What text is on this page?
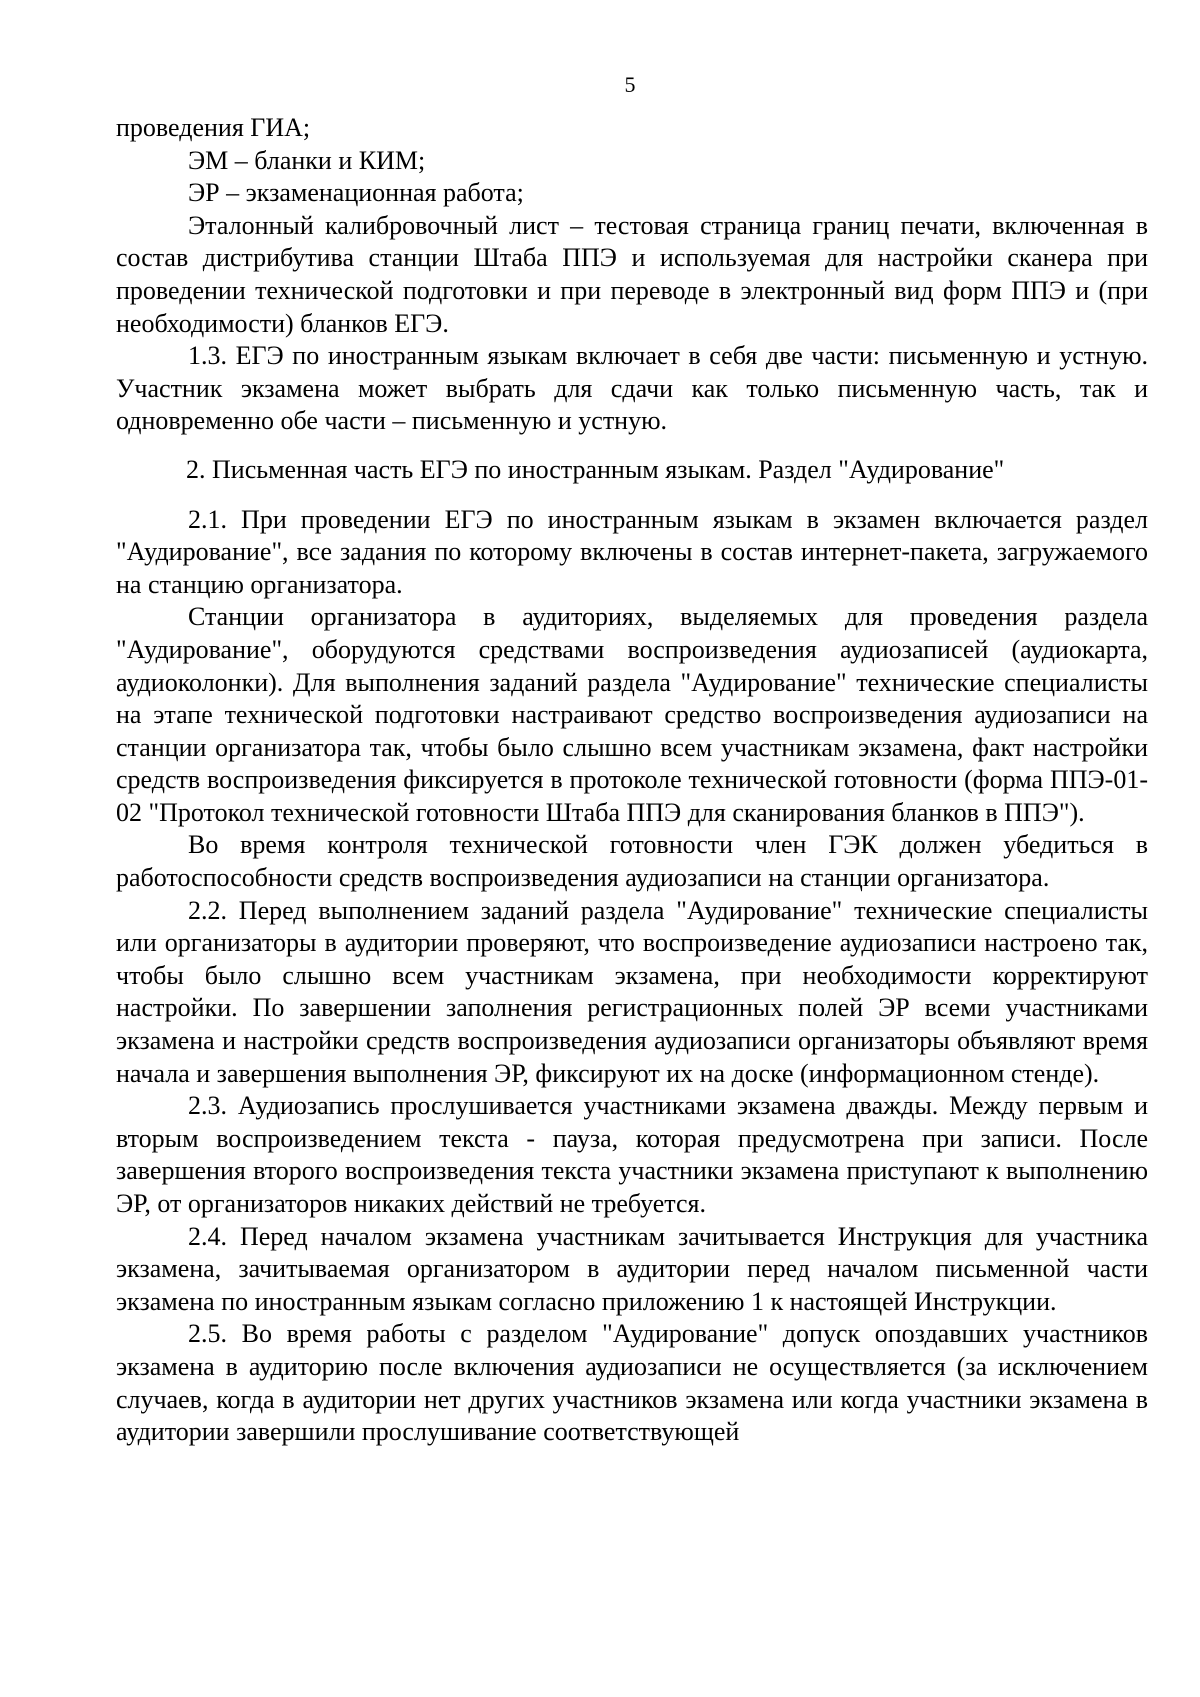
5

проведения ГИА;

ЭМ – бланки и КИМ;

ЭР – экзаменационная работа;

Эталонный калибровочный лист – тестовая страница границ печати, включенная в состав дистрибутива станции Штаба ППЭ и используемая для настройки сканера при проведении технической подготовки и при переводе в электронный вид форм ППЭ и (при необходимости) бланков ЕГЭ.

1.3. ЕГЭ по иностранным языкам включает в себя две части: письменную и устную. Участник экзамена может выбрать для сдачи как только письменную часть, так и одновременно обе части – письменную и устную.

2. Письменная часть ЕГЭ по иностранным языкам. Раздел "Аудирование"

2.1. При проведении ЕГЭ по иностранным языкам в экзамен включается раздел "Аудирование", все задания по которому включены в состав интернет-пакета, загружаемого на станцию организатора.

Станции организатора в аудиториях, выделяемых для проведения раздела "Аудирование", оборудуются средствами воспроизведения аудиозаписей (аудиокарта, аудиоколонки). Для выполнения заданий раздела "Аудирование" технические специалисты на этапе технической подготовки настраивают средство воспроизведения аудиозаписи на станции организатора так, чтобы было слышно всем участникам экзамена, факт настройки средств воспроизведения фиксируется в протоколе технической готовности (форма ППЭ-01-02 "Протокол технической готовности Штаба ППЭ для сканирования бланков в ППЭ").

Во время контроля технической готовности член ГЭК должен убедиться в работоспособности средств воспроизведения аудиозаписи на станции организатора.

2.2. Перед выполнением заданий раздела "Аудирование" технические специалисты или организаторы в аудитории проверяют, что воспроизведение аудиозаписи настроено так, чтобы было слышно всем участникам экзамена, при необходимости корректируют настройки. По завершении заполнения регистрационных полей ЭР всеми участниками экзамена и настройки средств воспроизведения аудиозаписи организаторы объявляют время начала и завершения выполнения ЭР, фиксируют их на доске (информационном стенде).

2.3. Аудиозапись прослушивается участниками экзамена дважды. Между первым и вторым воспроизведением текста - пауза, которая предусмотрена при записи. После завершения второго воспроизведения текста участники экзамена приступают к выполнению ЭР, от организаторов никаких действий не требуется.

2.4. Перед началом экзамена участникам зачитывается Инструкция для участника экзамена, зачитываемая организатором в аудитории перед началом письменной части экзамена по иностранным языкам согласно приложению 1 к настоящей Инструкции.

2.5. Во время работы с разделом "Аудирование" допуск опоздавших участников экзамена в аудиторию после включения аудиозаписи не осуществляется (за исключением случаев, когда в аудитории нет других участников экзамена или когда участники экзамена в аудитории завершили прослушивание соответствующей
